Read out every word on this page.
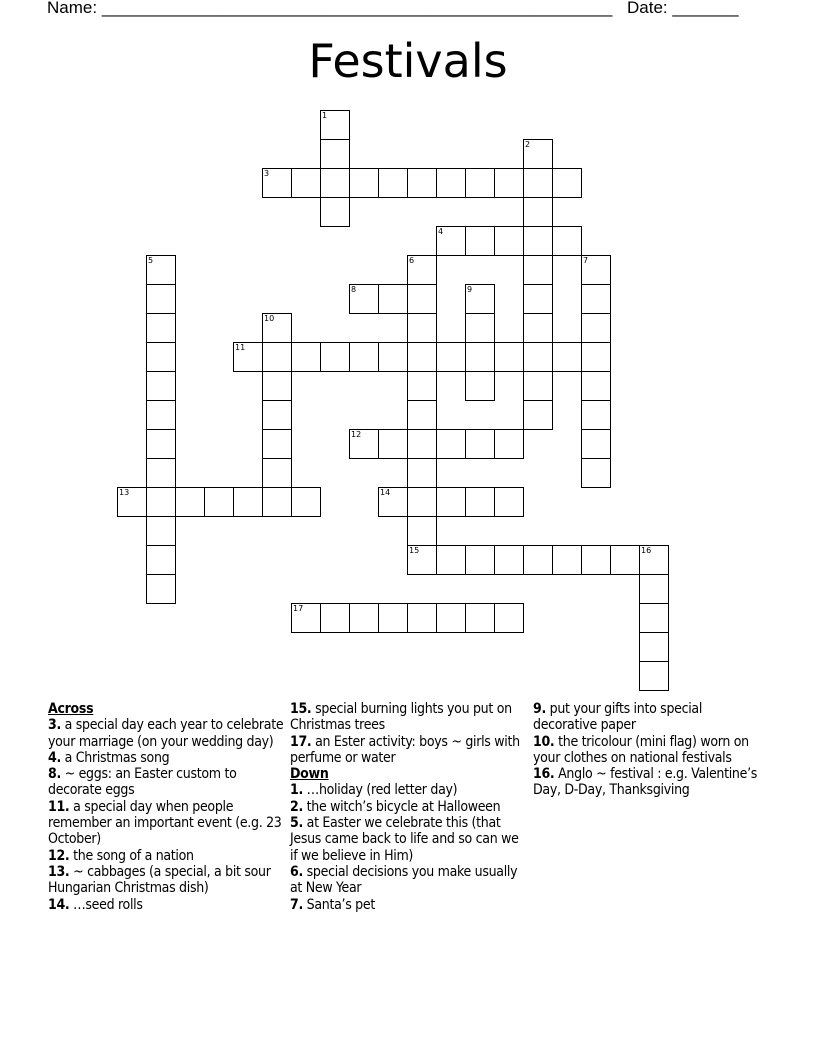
Name: ______________________________________________________ Date: _______
Festivals
1
2
3
4
5	6
15
7
8	9
10
11
12
13	14
16
17
Across
3. a special day each year to celebrate your marriage (on your wedding day)
4. a Christmas song
8. ~ eggs: an Easter custom to decorate eggs
11. a special day when people remember an important event (e.g. 23 October)
12. the song of a nation
13. ~ cabbages (a special, a bit sour Hungarian Christmas dish)
14. …seed rolls
15. special burning lights you put on Christmas trees
17. an Ester activity: boys ~ girls with perfume or water
Down
1. …holiday (red letter day)
2. the witch’s bicycle at Halloween
5. at Easter we celebrate this (that Jesus came back to life and so can we if we believe in Him)
6. special decisions you make usually at New Year
7. Santa’s pet
9. put your gifts into special decorative paper
10. the tricolour (mini flag) worn on your clothes on national festivals
16. Anglo ~ festival : e.g. Valentine’s Day, D-Day, Thanksgiving
